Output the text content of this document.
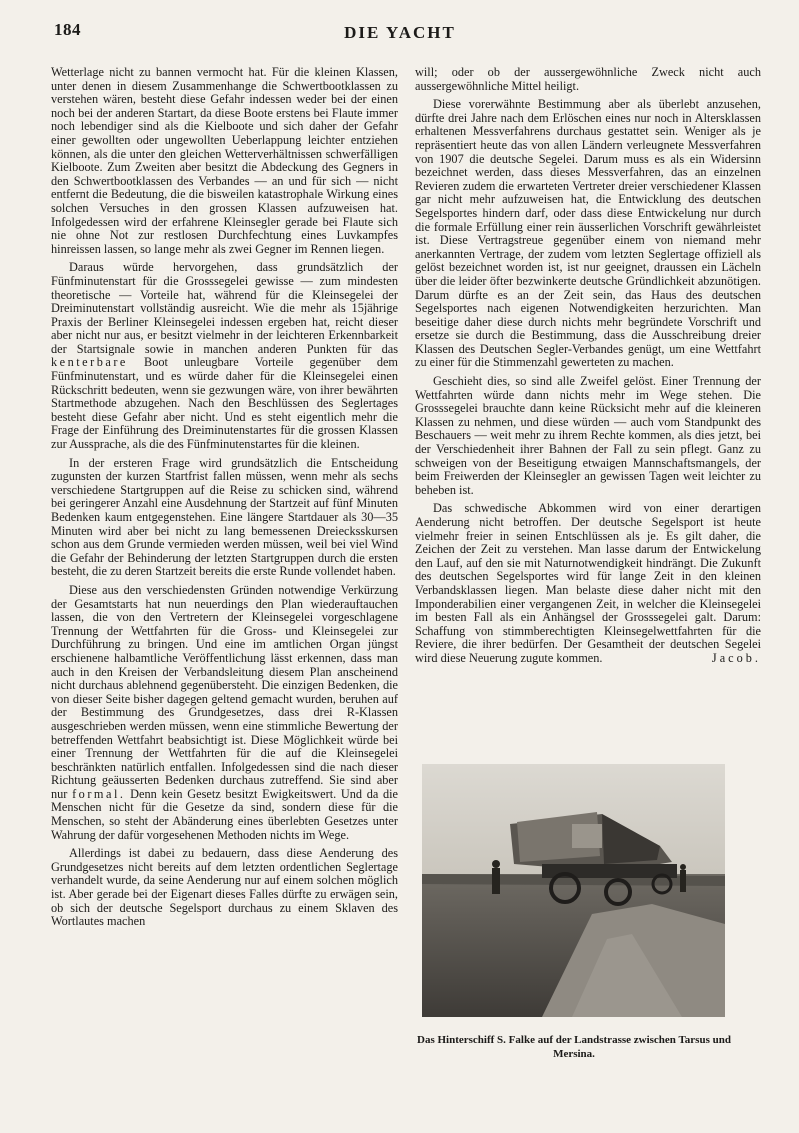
184	DIE YACHT

Wetterlage nicht zu bannen vermocht hat. Für die kleinen Klassen, unter denen in diesem Zusammenhange die Schwertbootklassen zu verstehen wären, besteht diese Gefahr indessen weder bei der einen noch bei der anderen Startart, da diese Boote erstens bei Flaute immer noch lebendiger sind als die Kielboote und sich daher der Gefahr einer gewollten oder ungewollten Ueberlappung leichter entziehen können, als die unter den gleichen Wetterverhältnissen schwerfälligen Kielboote. Zum Zweiten aber besitzt die Abdeckung des Gegners in den Schwertbootklassen des Verbandes — an und für sich — nicht entfernt die Bedeutung, die die bisweilen katastrophale Wirkung eines solchen Versuches in den grossen Klassen aufzuweisen hat. Infolgedessen wird der erfahrene Kleinsegler gerade bei Flaute sich nie ohne Not zur restlosen Durchfechtung eines Luvkampfes hinreissen lassen, so lange mehr als zwei Gegner im Rennen liegen.

Daraus würde hervorgehen, dass grundsätzlich der Fünfminutenstart für die Grosssegelei gewisse — zum mindesten theoretische — Vorteile hat, während für die Kleinsegelei der Dreiminutenstart vollständig ausreicht. Wie die mehr als 15jährige Praxis der Berliner Kleinsegelei indessen ergeben hat, reicht dieser aber nicht nur aus, er besitzt vielmehr in der leichteren Erkennbarkeit der Startsignale sowie in manchen anderen Punkten für das kenterbare Boot unleugbare Vorteile gegenüber dem Fünfminutenstart, und es würde daher für die Kleinsegelei einen Rückschritt bedeuten, wenn sie gezwungen wäre, von ihrer bewährten Startmethode abzugehen. Nach den Beschlüssen des Seglertages besteht diese Gefahr aber nicht. Und es steht eigentlich mehr die Frage der Einführung des Dreiminutenstartes für die grossen Klassen zur Aussprache, als die des Fünfminutenstartes für die kleinen.

In der ersteren Frage wird grundsätzlich die Entscheidung zugunsten der kurzen Startfrist fallen müssen, wenn mehr als sechs verschiedene Startgruppen auf die Reise zu schicken sind, während bei geringerer Anzahl eine Ausdehnung der Startzeit auf fünf Minuten Bedenken kaum entgegenstehen. Eine längere Startdauer als 30—35 Minuten wird aber bei nicht zu lang bemessenen Dreiecksskursen schon aus dem Grunde vermieden werden müssen, weil bei viel Wind die Gefahr der Behinderung der letzten Startgruppen durch die ersten besteht, die zu deren Startzeit bereits die erste Runde vollendet haben.

Diese aus den verschiedensten Gründen notwendige Verkürzung der Gesamtstarts hat nun neuerdings den Plan wiederauftauchen lassen, die von den Vertretern der Kleinsegelei vorgeschlagene Trennung der Wettfahrten für die Gross- und Kleinsegelei zur Durchführung zu bringen. Und eine im amtlichen Organ jüngst erschienene halbamtliche Veröffentlichung lässt erkennen, dass man auch in den Kreisen der Verbandsleitung diesem Plan anscheinend nicht durchaus ablehnend gegenübersteht. Die einzigen Bedenken, die von dieser Seite bisher dagegen geltend gemacht wurden, beruhen auf der Bestimmung des Grundgesetzes, dass drei R-Klassen ausgeschrieben werden müssen, wenn eine stimmliche Bewertung der betreffenden Wettfahrt beabsichtigt ist. Diese Möglichkeit würde bei einer Trennung der Wettfahrten für die auf die Kleinsegelei beschränkten natürlich entfallen. Infolgedessen sind die nach dieser Richtung geäusserten Bedenken durchaus zutreffend. Sie sind aber nur formal. Denn kein Gesetz besitzt Ewigkeitswert. Und da die Menschen nicht für die Gesetze da sind, sondern diese für die Menschen, so steht der Abänderung eines überlebten Gesetzes unter Wahrung der dafür vorgesehenen Methoden nichts im Wege.

Allerdings ist dabei zu bedauern, dass diese Aenderung des Grundgesetzes nicht bereits auf dem letzten ordentlichen Seglertage verhandelt wurde, da seine Aenderung nur auf einem solchen möglich ist. Aber gerade bei der Eigenart dieses Falles dürfte zu erwägen sein, ob sich der deutsche Segelsport durchaus zu einem Sklaven des Wortlautes machen

will; oder ob der aussergewöhnliche Zweck nicht auch aussergewöhnliche Mittel heiligt.

Diese vorerwähnte Bestimmung aber als überlebt anzusehen, dürfte drei Jahre nach dem Erlöschen eines nur noch in Altersklassen erhaltenen Messverfahrens durchaus gestattet sein. Weniger als je repräsentiert heute das von allen Ländern verleugnete Messverfahren von 1907 die deutsche Segelei. Darum muss es als ein Widersinn bezeichnet werden, dass dieses Messverfahren, das an einzelnen Revieren zudem die erwarteten Vertreter dreier verschiedener Klassen gar nicht mehr aufzuweisen hat, die Entwicklung des deutschen Segelsportes hindern darf, oder dass diese Entwickelung nur durch die formale Erfüllung einer rein äusserlichen Vorschrift gewährleistet ist. Diese Vertragstreue gegenüber einem von niemand mehr anerkannten Vertrage, der zudem vom letzten Seglertage offiziell als gelöst bezeichnet worden ist, ist nur geeignet, draussen ein Lächeln über die leider öfter bezwinkerte deutsche Gründlichkeit abzunötigen. Darum dürfte es an der Zeit sein, das Haus des deutschen Segelsportes nach eigenen Notwendigkeiten herzurichten. Man beseitige daher diese durch nichts mehr begründete Vorschrift und ersetze sie durch die Bestimmung, dass die Ausschreibung dreier Klassen des Deutschen Segler-Verbandes genügt, um eine Wettfahrt zu einer für die Stimmenzahl gewerteten zu machen.

Geschieht dies, so sind alle Zweifel gelöst. Einer Trennung der Wettfahrten würde dann nichts mehr im Wege stehen. Die Grosssegelei brauchte dann keine Rücksicht mehr auf die kleineren Klassen zu nehmen, und diese würden — auch vom Standpunkt des Beschauers — weit mehr zu ihrem Rechte kommen, als dies jetzt, bei der Verschiedenheit ihrer Bahnen der Fall zu sein pflegt. Ganz zu schweigen von der Beseitigung etwaigen Mannschaftsmangels, der beim Freiwerden der Kleinsegler an gewissen Tagen weit leichter zu beheben ist.

Das schwedische Abkommen wird von einer derartigen Aenderung nicht betroffen. Der deutsche Segelsport ist heute vielmehr freier in seinen Entschlüssen als je. Es gilt daher, die Zeichen der Zeit zu verstehen. Man lasse darum der Entwickelung den Lauf, auf den sie mit Naturnotwendigkeit hindrängt. Die Zukunft des deutschen Segelsportes wird für lange Zeit in den kleinen Verbandsklassen liegen. Man belaste diese daher nicht mit den Imponderabilien einer vergangenen Zeit, in welcher die Kleinsegelei im besten Fall als ein Anhängsel der Grosssegelei galt. Darum: Schaffung von stimmberechtigten Kleinsegelwettfahrten für die Reviere, die ihrer bedürfen. Der Gesamtheit der deutschen Segelei wird diese Neuerung zugute kommen.	Jacob.

Das Hinterschiff S. Falke auf der Landstrasse zwischen Tarsus und Mersina.
